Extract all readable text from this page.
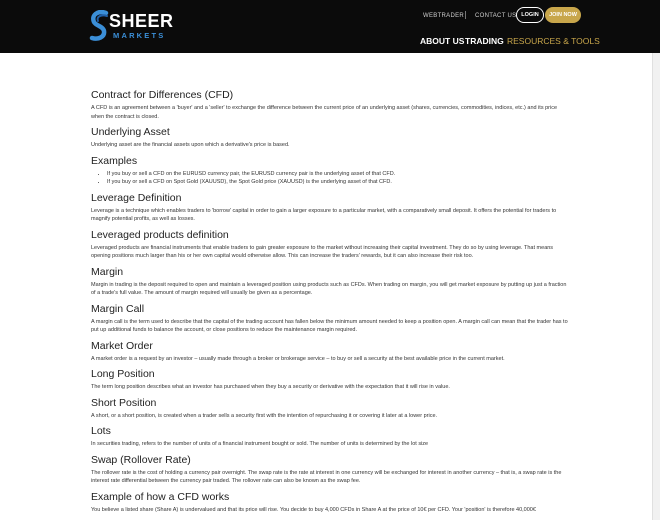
SHEER
MARKETS
WEBTRADER CONTACT US LOGIN	JOIN NOW
ABOUT US TRADING RESOURCES & TOOLS
Contract for Differences (CFD)

A CFD is an agreement between a 'buyer' and a 'seller' to exchange the difference between the current price of an underlying asset (shares, currencies, commodities, indices, etc.) and its price when the contract is closed.

Underlying Asset

Underlying asset are the financial assets upon which a derivative's price is based.

Examples
• If you buy or sell a CFD on the EURUSD currency pair, the EURUSD currency pair is the underlying asset of that CFD.
• If you buy or sell a CFD on Spot Gold (XAUUSD), the Spot Gold price (XAUUSD) is the underlying asset of that CFD.
Leverage Definition

Leverage is a technique which enables traders to 'borrow' capital in order to gain a larger exposure to a particular market, with a comparatively small deposit. It offers the potential for traders to magnify potential profits, as well as losses.

Leveraged products definition

Leveraged products are financial instruments that enable traders to gain greater exposure to the market without increasing their capital investment. They do so by using leverage. That means opening positions much larger than his or her own capital would otherwise allow. This can increase the traders' rewards, but it can also increase their risk too.

Margin

Margin in trading is the deposit required to open and maintain a leveraged position using products such as CFDs. When trading on margin, you will get market exposure by putting up just a fraction of a trade's full value. The amount of margin required will usually be given as a percentage.

Margin Call

A margin call is the term used to describe that the capital of the trading account has fallen below the minimum amount needed to keep a position open. A margin call can mean that the trader has to put up additional funds to balance the account, or close positions to reduce the maintenance margin required.

Market Order

A market order is a request by an investor – usually made through a broker or brokerage service – to buy or sell a security at the best available price in the current market.

Long Position

The term long position describes what an investor has purchased when they buy a security or derivative with the expectation that it will rise in value.

Short Position

A short, or a short position, is created when a trader sells a security first with the intention of repurchasing it or covering it later at a lower price.

Lots

In securities trading, refers to the number of units of a financial instrument bought or sold. The number of units is determined by the lot size

Swap (Rollover Rate)

The rollover rate is the cost of holding a currency pair overnight. The swap rate is the rate at interest in one currency will be exchanged for interest in another currency – that is, a swap rate is the interest rate differential between the currency pair traded. The rollover rate can also be known as the swap fee.

Example of how a CFD works

You believe a listed share (Share A) is undervalued and that its price will rise. You decide to buy 4,000 CFDs in Share A at the price of 10€ per CFD. Your 'position' is therefore 40,000€
